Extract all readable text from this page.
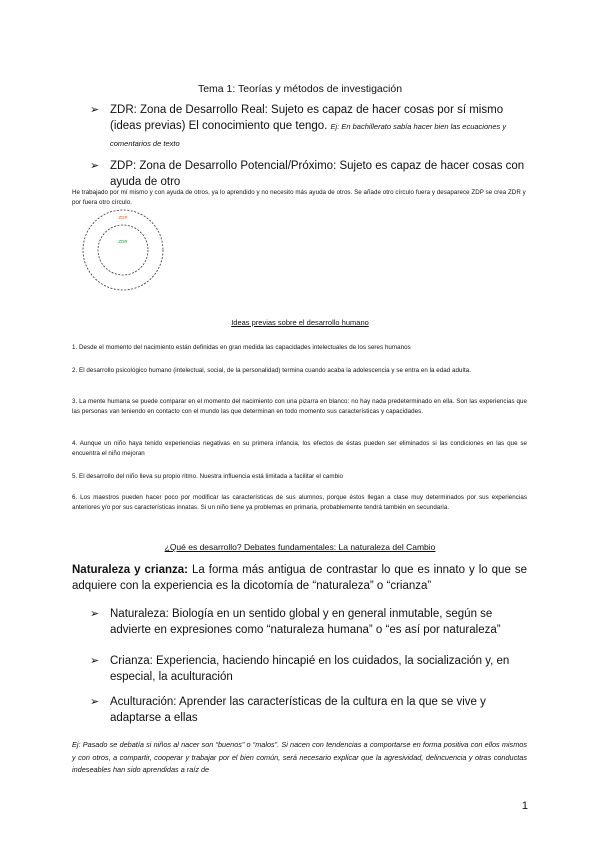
Tema 1: Teorías y métodos de investigación
➢ ZDR: Zona de Desarrollo Real: Sujeto es capaz de hacer cosas por sí mismo (ideas previas) El conocimiento que tengo. Ej: En bachillerato sabía hacer bien las ecuaciones y comentarios de texto
➢ ZDP: Zona de Desarrollo Potencial/Próximo: Sujeto es capaz de hacer cosas con ayuda de otro
He trabajado por mí mismo y con ayuda de otros, ya lo aprendido y no necesito más ayuda de otros. Se añade otro círculo fuera y desaparece ZDP se crea ZDR y por fuera otro círculo.
ZDP
ZDR
Ideas previas sobre el desarrollo humano
1. Desde el momento del nacimiento están definidas en gran medida las capacidades intelectuales de los seres humanos
2. El desarrollo psicológico humano (intelectual, social, de la personalidad) termina cuando acaba la adolescencia y se entra en la edad adulta.
3. La mente humana se puede comparar en el momento del nacimiento con una pizarra en blanco: no hay nada predeterminado en ella. Son las experiencias que las personas van teniendo en contacto con el mundo las que determinan en todo momento sus características y capacidades.
4. Aunque un niño haya tenido experiencias negativas en su primera infancia, los efectos de éstas pueden ser eliminados si las condiciones en las que se encuentra el niño mejoran
5. El desarrollo del niño lleva su propio ritmo. Nuestra influencia está limitada a facilitar el cambio
6. Los maestros pueden hacer poco por modificar las características de sus alumnos, porque éstos llegan a clase muy determinados por sus experiencias anteriores y/o por sus características innatas. Si un niño tiene ya problemas en primaria, probablemente tendrá también en secundaria.
¿Qué es desarrollo? Debates fundamentales: La naturaleza del Cambio
Naturaleza y crianza: La forma más antigua de contrastar lo que es innato y lo que se adquiere con la experiencia es la dicotomía de “naturaleza” o “crianza”
➢ Naturaleza: Biología en un sentido global y en general inmutable, según se advierte en expresiones como “naturaleza humana” o “es así por naturaleza”
➢ Crianza: Experiencia, haciendo hincapié en los cuidados, la socialización y, en especial, la aculturación
➢ Aculturación: Aprender las características de la cultura en la que se vive y adaptarse a ellas
Ej: Pasado se debatía si niños al nacer son “buenos” o “malos”. Si nacen con tendencias a comportarse en forma positiva con ellos mismos y con otros, a compartir, cooperar y trabajar por el bien común, será necesario explicar que la agresividad, delincuencia y otras conductas indeseables han sido aprendidas a raíz de
1
